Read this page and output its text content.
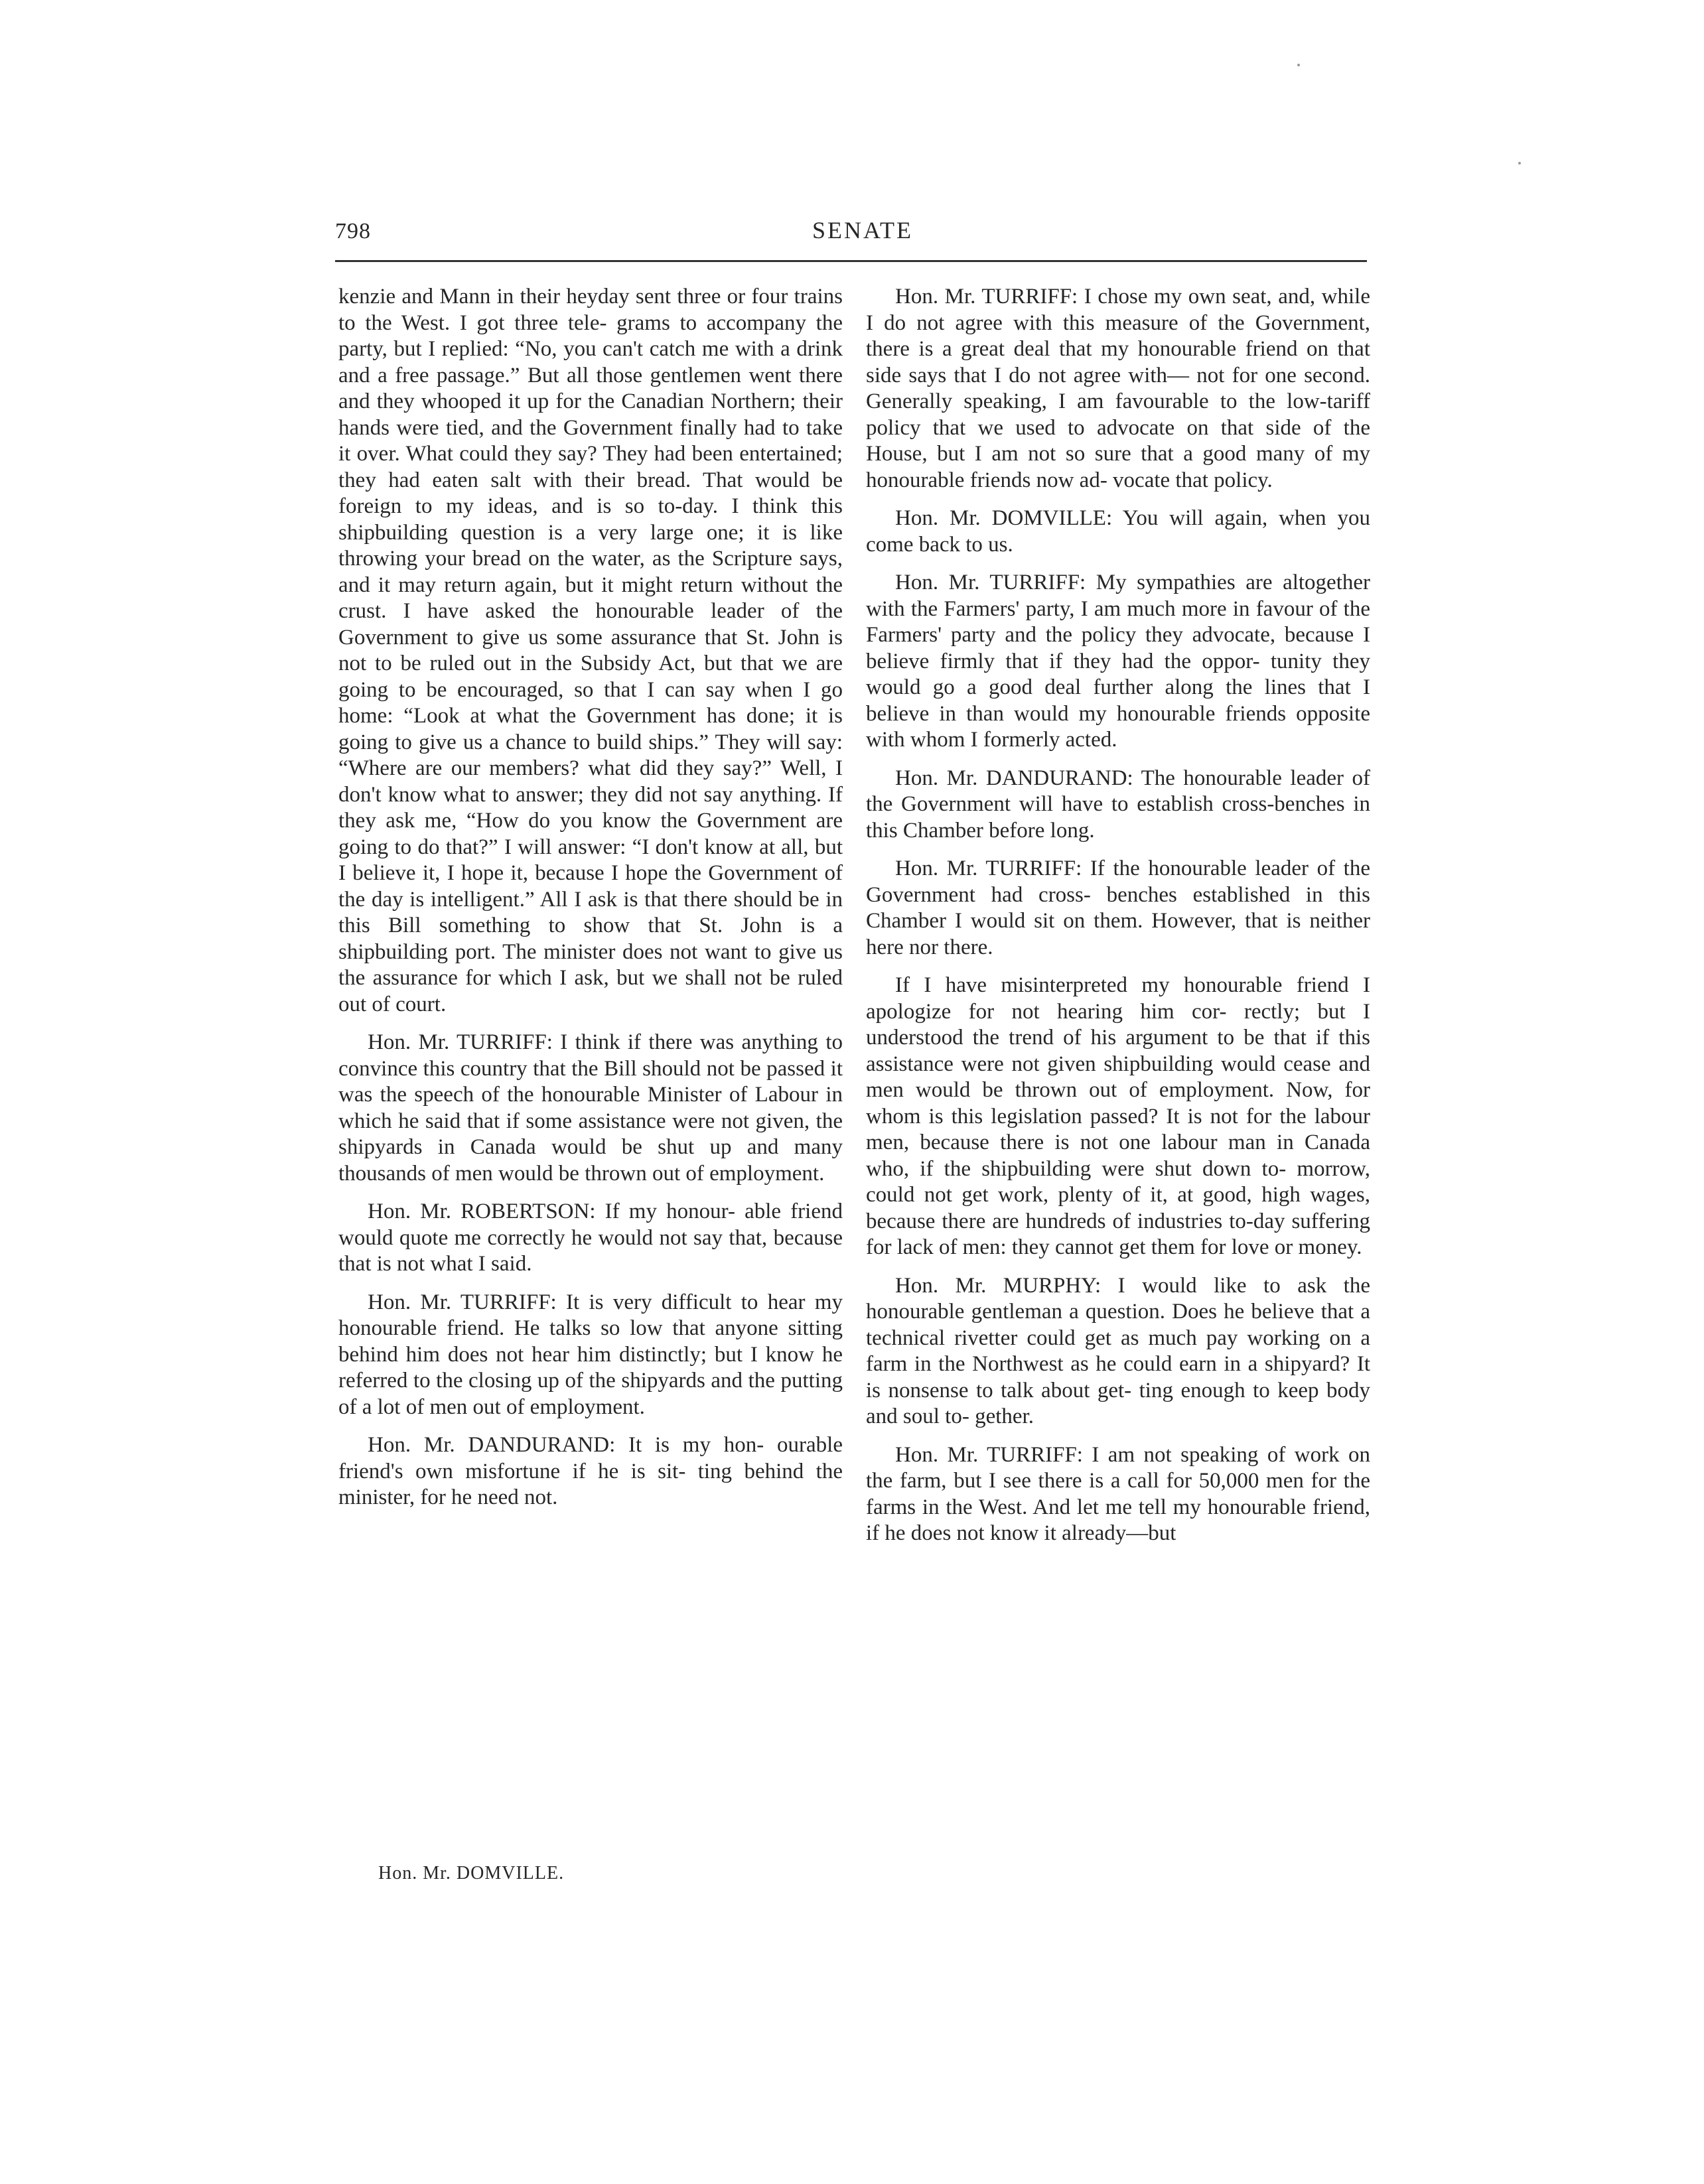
798	SENATE

kenzie and Mann in their heyday sent three or four trains to the West. I got three tele- grams to accompany the party, but I replied: “No, you can't catch me with a drink and a free passage.” But all those gentlemen went there and they whooped it up for the Canadian Northern; their hands were tied, and the Government finally had to take it over. What could they say? They had been entertained; they had eaten salt with their bread. That would be foreign to my ideas, and is so to-day. I think this shipbuilding question is a very large one; it is like throwing your bread on the water, as the Scripture says, and it may return again, but it might return without the crust. I have asked the honourable leader of the Government to give us some assurance that St. John is not to be ruled out in the Subsidy Act, but that we are going to be encouraged, so that I can say when I go home: “Look at what the Government has done; it is going to give us a chance to build ships.” They will say: “Where are our members? what did they say?” Well, I don't know what to answer; they did not say anything. If they ask me, “How do you know the Government are going to do that?” I will answer: “I don't know at all, but I believe it, I hope it, because I hope the Government of the day is intelligent.” All I ask is that there should be in this Bill something to show that St. John is a shipbuilding port. The minister does not want to give us the assurance for which I ask, but we shall not be ruled out of court.

Hon. Mr. TURRIFF: I think if there was anything to convince this country that the Bill should not be passed it was the speech of the honourable Minister of Labour in which he said that if some assistance were not given, the shipyards in Canada would be shut up and many thousands of men would be thrown out of employment.

Hon. Mr. ROBERTSON: If my honour- able friend would quote me correctly he would not say that, because that is not what I said.

Hon. Mr. TURRIFF: It is very difficult to hear my honourable friend. He talks so low that anyone sitting behind him does not hear him distinctly; but I know he referred to the closing up of the shipyards and the putting of a lot of men out of employment.

Hon. Mr. DANDURAND: It is my hon- ourable friend's own misfortune if he is sit- ting behind the minister, for he need not.

Hon. Mr. TURRIFF: I chose my own seat, and, while I do not agree with this measure of the Government, there is a great deal that my honourable friend on that side says that I do not agree with— not for one second. Generally speaking, I am favourable to the low-tariff policy that we used to advocate on that side of the House, but I am not so sure that a good many of my honourable friends now ad- vocate that policy.

Hon. Mr. DOMVILLE: You will again, when you come back to us.

Hon. Mr. TURRIFF: My sympathies are altogether with the Farmers' party, I am much more in favour of the Farmers' party and the policy they advocate, because I believe firmly that if they had the oppor- tunity they would go a good deal further along the lines that I believe in than would my honourable friends opposite with whom I formerly acted.

Hon. Mr. DANDURAND: The honourable leader of the Government will have to establish cross-benches in this Chamber before long.

Hon. Mr. TURRIFF: If the honourable leader of the Government had cross- benches established in this Chamber I would sit on them. However, that is neither here nor there.

If I have misinterpreted my honourable friend I apologize for not hearing him cor- rectly; but I understood the trend of his argument to be that if this assistance were not given shipbuilding would cease and men would be thrown out of employment. Now, for whom is this legislation passed? It is not for the labour men, because there is not one labour man in Canada who, if the shipbuilding were shut down to- morrow, could not get work, plenty of it, at good, high wages, because there are hundreds of industries to-day suffering for lack of men: they cannot get them for love or money.

Hon. Mr. MURPHY: I would like to ask the honourable gentleman a question. Does he believe that a technical rivetter could get as much pay working on a farm in the Northwest as he could earn in a shipyard? It is nonsense to talk about get- ting enough to keep body and soul to- gether.

Hon. Mr. TURRIFF: I am not speaking of work on the farm, but I see there is a call for 50,000 men for the farms in the West. And let me tell my honourable friend, if he does not know it already—but

Hon. Mr. DOMVILLE.
